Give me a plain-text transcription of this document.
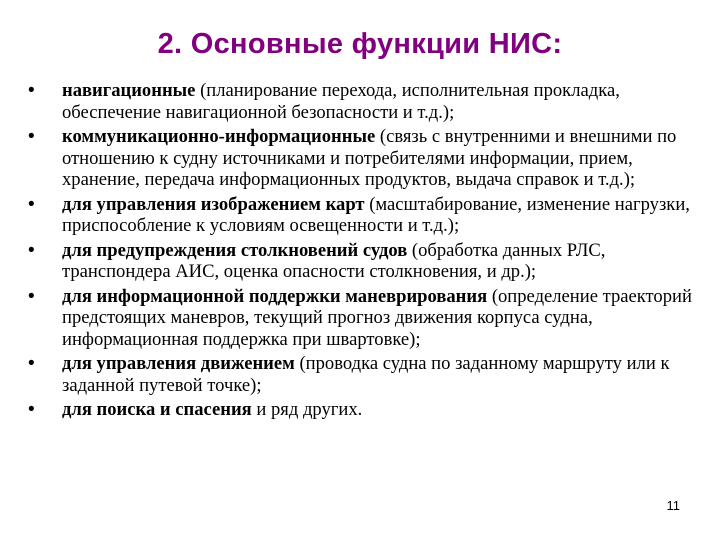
2. Основные функции НИС:
• навигационные (планирование перехода, исполнительная прокладка, обеспечение навигационной безопасности и т.д.);
• коммуникационно-информационные (связь с внутренними и внешними по отношению к судну источниками и потребителями информации, прием, хранение, передача информационных продуктов, выдача справок и т.д.);
• для управления изображением карт (масштабирование, изменение нагрузки, приспособление к условиям освещенности и т.д.);
• для предупреждения столкновений судов (обработка данных РЛС, транспондера АИС, оценка опасности столкновения, и др.);
• для информационной поддержки маневрирования (определение траекторий предстоящих маневров, текущий прогноз движения корпуса судна, информационная поддержка при швартовке);
• для управления движением (проводка судна по заданному маршруту или к заданной путевой точке);
• для поиска и спасения и ряд других.
11
